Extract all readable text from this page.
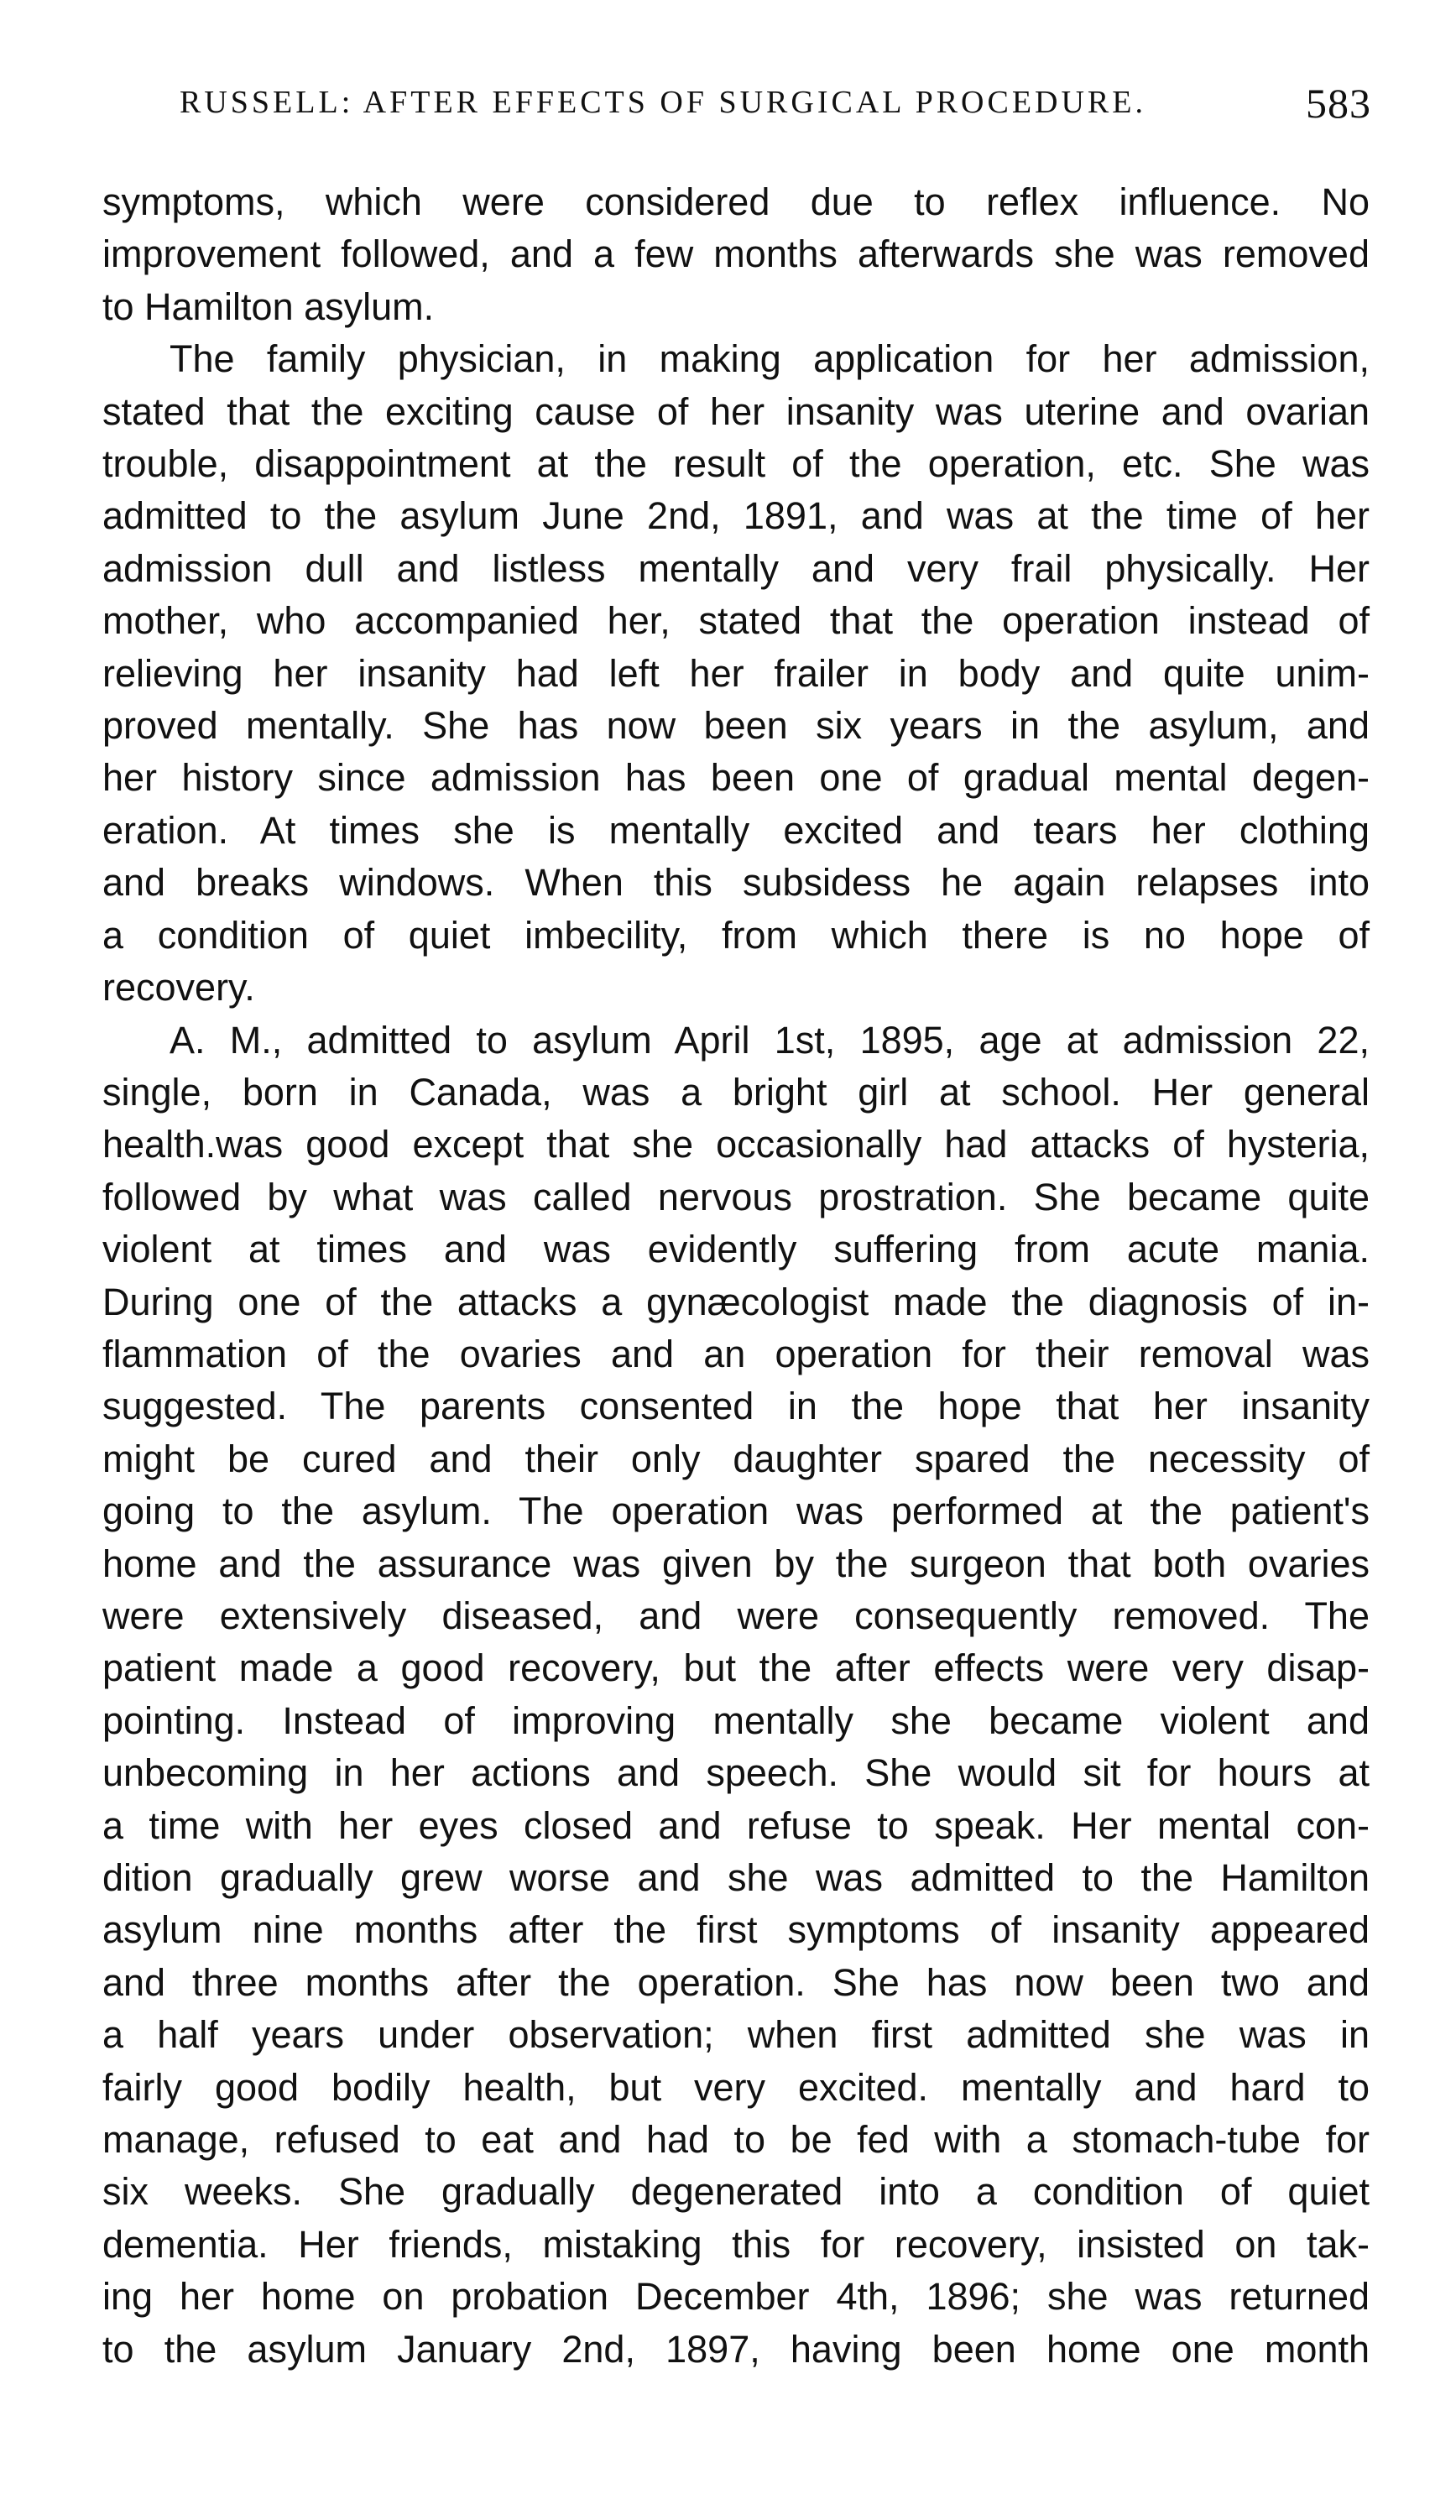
RUSSELL: AFTER EFFECTS OF SURGICAL PROCEDURE.	583

symptoms, which were considered due to reflex influence. No

improvement followed, and a few months afterwards she was removed

to Hamilton asylum.

The family physician, in making application for her admission,

stated that the exciting cause of her insanity was uterine and ovarian

trouble, disappointment at the result of the operation, etc. She was

admitted to the asylum June 2nd, 1891, and was at the time of her

admission dull and listless mentally and very frail physically. Her

mother, who accompanied her, stated that the operation instead of

relieving her insanity had left her frailer in body and quite unim-

proved mentally. She has now been six years in the asylum, and

her history since admission has been one of gradual mental degen-

eration. At times she is mentally excited and tears her clothing

and breaks windows. When this subsidess he again relapses into

a condition of quiet imbecility, from which there is no hope of

recovery.

A. M., admitted to asylum April 1st, 1895, age at admission 22,

single, born in Canada, was a bright girl at school. Her general

health.was good except that she occasionally had attacks of hysteria,

followed by what was called nervous prostration. She became quite

violent at times and was evidently suffering from acute mania.

During one of the attacks a gynæcologist made the diagnosis of in-

flammation of the ovaries and an operation for their removal was

suggested. The parents consented in the hope that her insanity

might be cured and their only daughter spared the necessity of

going to the asylum. The operation was performed at the patient's

home and the assurance was given by the surgeon that both ovaries

were extensively diseased, and were consequently removed. The

patient made a good recovery, but the after effects were very disap-

pointing. Instead of improving mentally she became violent and

unbecoming in her actions and speech. She would sit for hours at

a time with her eyes closed and refuse to speak. Her mental con-

dition gradually grew worse and she was admitted to the Hamilton

asylum nine months after the first symptoms of insanity appeared

and three months after the operation. She has now been two and

a half years under observation; when first admitted she was in

fairly good bodily health, but very excited. mentally and hard to

manage, refused to eat and had to be fed with a stomach-tube for

six weeks. She gradually degenerated into a condition of quiet

dementia. Her friends, mistaking this for recovery, insisted on tak-

ing her home on probation December 4th, 1896; she was returned

to the asylum January 2nd, 1897, having been home one month
